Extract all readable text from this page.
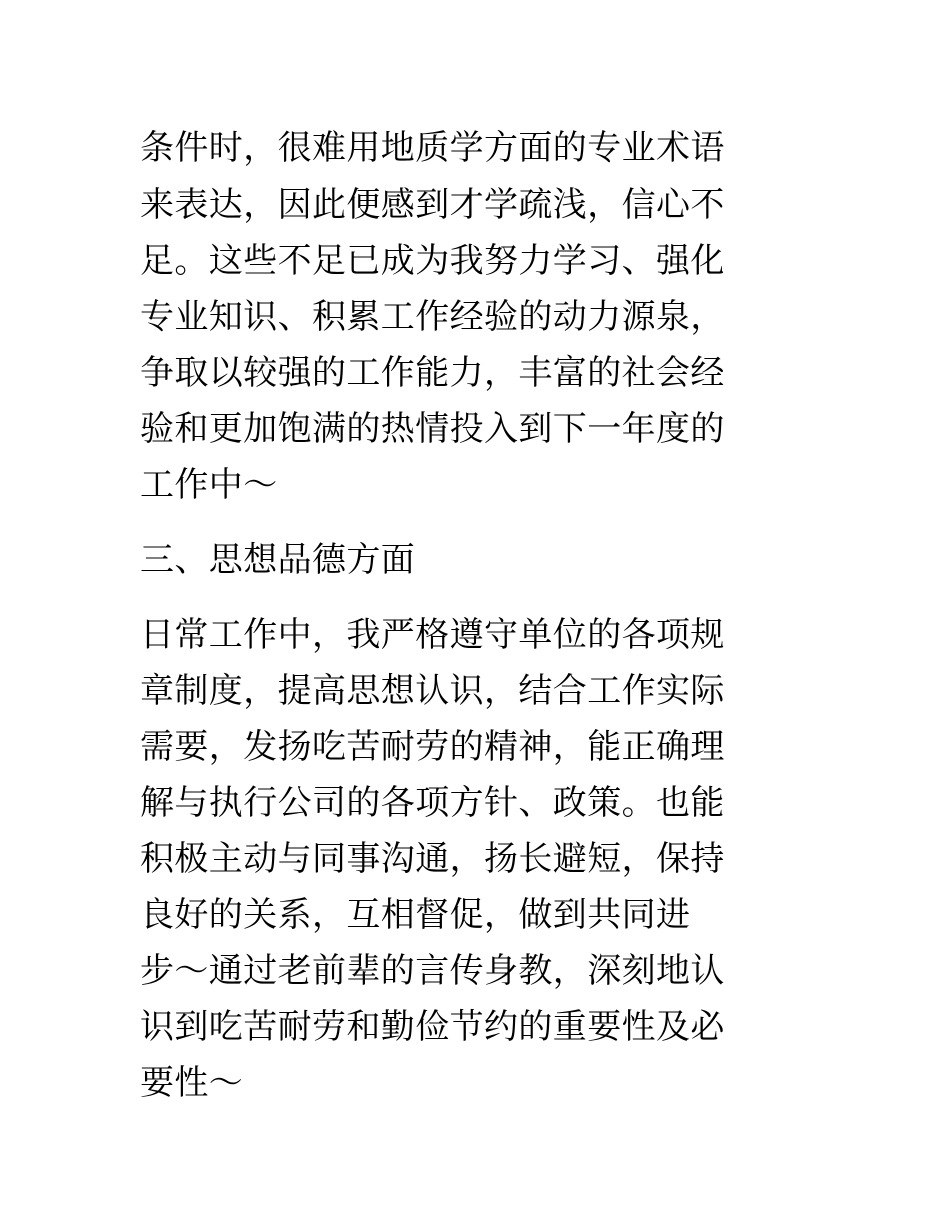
条件时，很难用地质学方面的专业术语
来表达，因此便感到才学疏浅，信心不
足。这些不足已成为我努力学习、强化
专业知识、积累工作经验的动力源泉，
争取以较强的工作能力，丰富的社会经
验和更加饱满的热情投入到下一年度的
工作中～
三、思想品德方面
日常工作中，我严格遵守单位的各项规
章制度，提高思想认识，结合工作实际
需要，发扬吃苦耐劳的精神，能正确理
解与执行公司的各项方针、政策。也能
积极主动与同事沟通，扬长避短，保持
良好的关系，互相督促，做到共同进
步～通过老前辈的言传身教，深刻地认
识到吃苦耐劳和勤俭节约的重要性及必
要性～
